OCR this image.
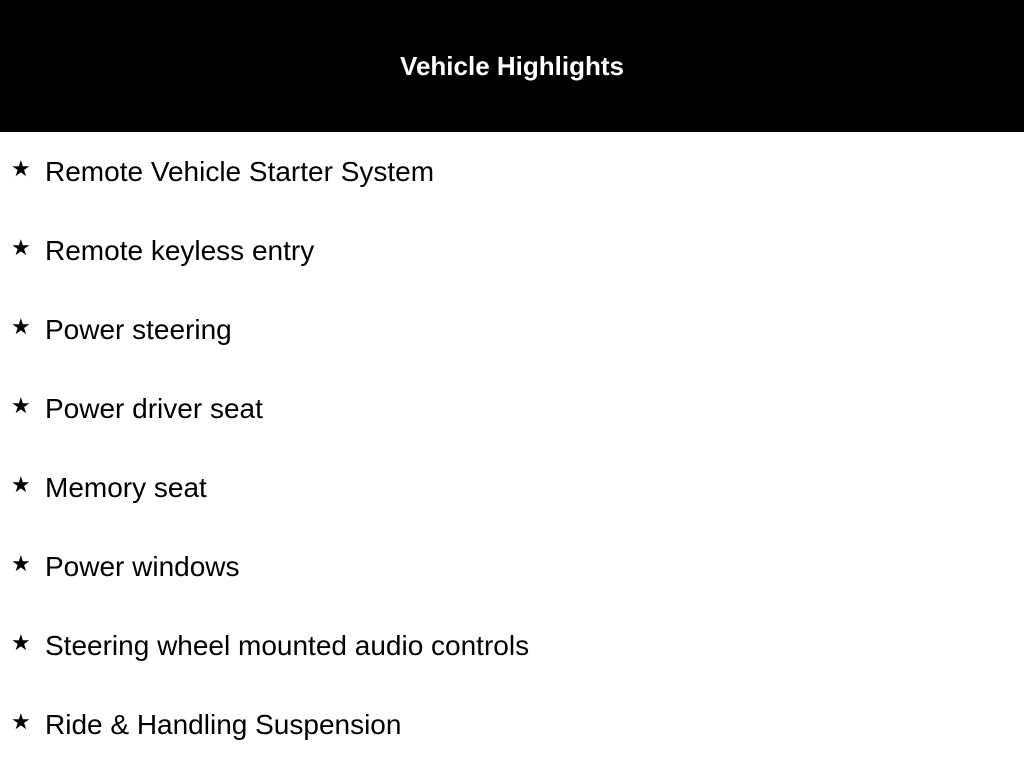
Vehicle Highlights
★ Remote Vehicle Starter System
★ Remote keyless entry
★ Power steering
★ Power driver seat
★ Memory seat
★ Power windows
★ Steering wheel mounted audio controls
★ Ride & Handling Suspension
